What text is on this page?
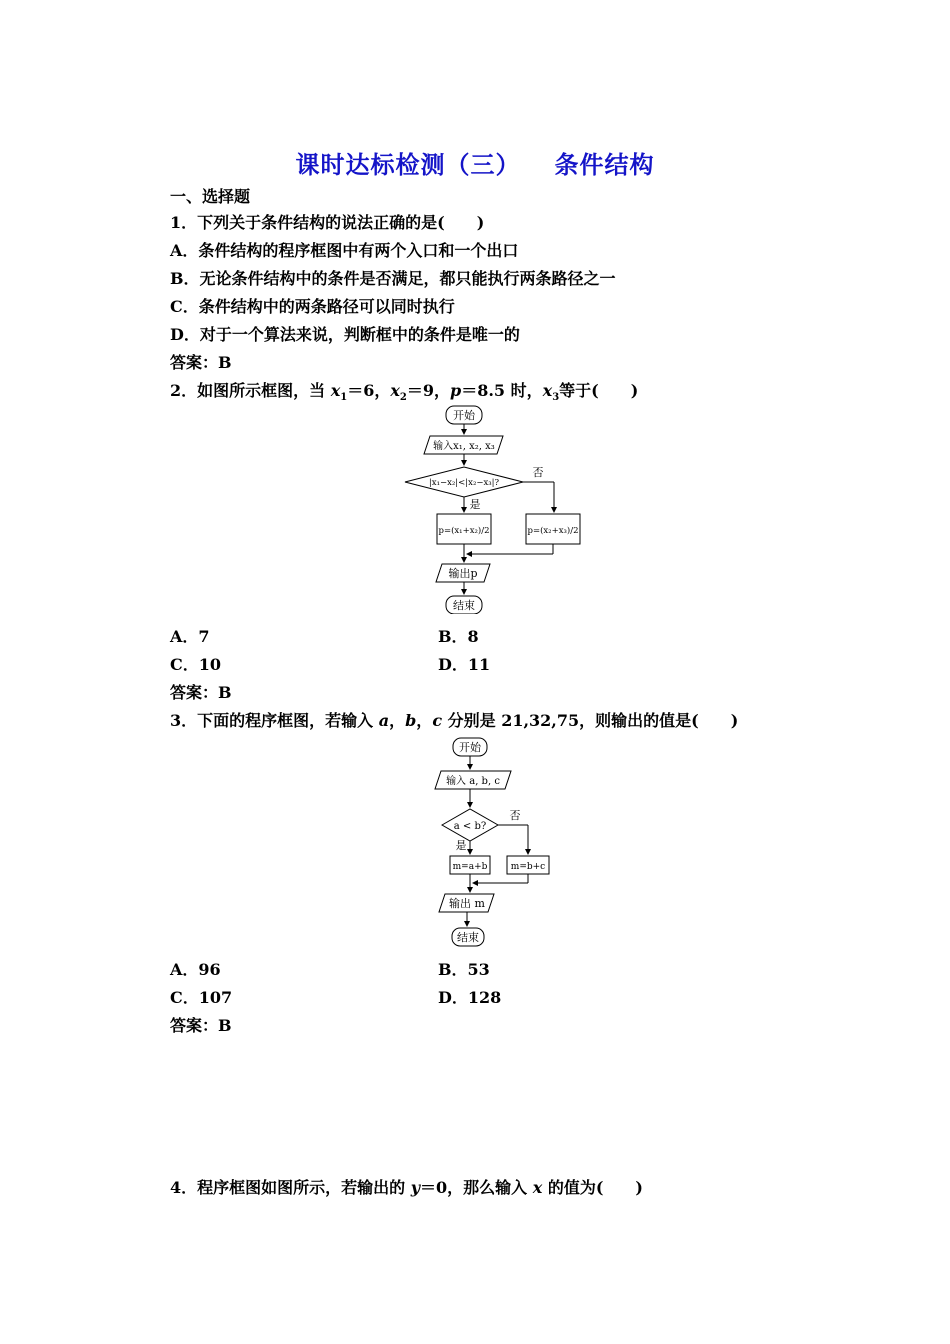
课时达标检测（三） 条件结构
一、选择题
1．下列关于条件结构的说法正确的是(　　)
A．条件结构的程序框图中有两个入口和一个出口
B．无论条件结构中的条件是否满足，都只能执行两条路径之一
C．条件结构中的两条路径可以同时执行
D．对于一个算法来说，判断框中的条件是唯一的
答案：B
2．如图所示框图，当 $x_1=6$，$x_2=9$，p＝8.5 时，$x_3$等于(　　)
开始
输入x₁, x₂, x₃
|x₁−x₂|<|x₂−x₃|?
否
是
p=(x₁+x₂)/2	p=(x₂+x₃)/2
输出p
结束
A．7	B．8
C．10	D．11
答案：B
3．下面的程序框图，若输入 a，b，c 分别是 21,32,75，则输出的值是(　　)
开始
输入 a, b, c
a < b?
否
是
m=a+b	m=b+c
输出 m
结束
A．96	B．53
C．107	D．128
答案：B
4．程序框图如图所示，若输出的 y＝0，那么输入 x 的值为(　　)
